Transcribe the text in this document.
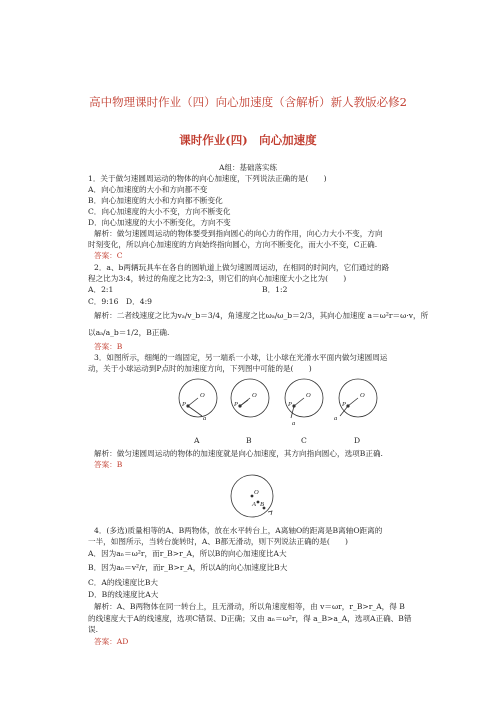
高中物理课时作业（四）向心加速度（含解析）新人教版必修2
课时作业(四)　向心加速度
A组：基础落实练
1．关于做匀速圆周运动的物体的向心加速度，下列说法正确的是(　　)
A．向心加速度的大小和方向都不变
B．向心加速度的大小和方向都不断变化
C．向心加速度的大小不变，方向不断变化
D．向心加速度的大小不断变化，方向不变
解析：做匀速圆周运动的物体要受到指向圆心的向心力的作用，向心力大小不变，方向
时刻变化，所以向心加速度的方向始终指向圆心，方向不断变化，而大小不变，C正确.
答案：C
2．a、b两辆玩具车在各自的圆轨道上做匀速圆周运动，在相同的时间内，它们通过的路
程之比为3:4，转过的角度之比为2:3，则它们的向心加速度大小之比为(　　)
A．2:1	B．1:2
C．9:16　D．4:9
解析：二者线速度之比为vₐ/v_b＝3/4，角速度之比ωₐ/ω_b＝2/3，其向心加速度 a＝ω²r＝ω·v，所
以aₐ/a_b＝1/2，B正确.
答案：B
3．如图所示，细绳的一端固定，另一端系一小球，让小球在光滑水平面内做匀速圆周运
动，关于小球运动到P点时的加速度方向，下列图中可能的是(　　)
O
P
a
O
P
O
P
a
O
P
a
A	B	C	D
解析：做匀速圆周运动的物体的加速度就是向心加速度，其方向指向圆心，选项B正确.
答案：B
O
A B
4．(多选)质量相等的A、B两物体，放在水平转台上，A离轴O的距离是B离轴O距离的
一半，如图所示，当转台旋转时，A、B都无滑动，则下列说法正确的是(　　)
A．因为aₙ＝ω²r，而r_B>r_A，所以B的向心加速度比A大
B．因为aₙ＝v²/r，而r_B>r_A，所以A的向心加速度比B大
C．A的线速度比B大
D．B的线速度比A大
解析：A、B两物体在同一转台上，且无滑动，所以角速度相等，由 v＝ωr，r_B>r_A，得 B
的线速度大于A的线速度，选项C错误、D正确；又由 aₙ＝ω²r，得 a_B>a_A，选项A正确、B错
误.
答案：AD
